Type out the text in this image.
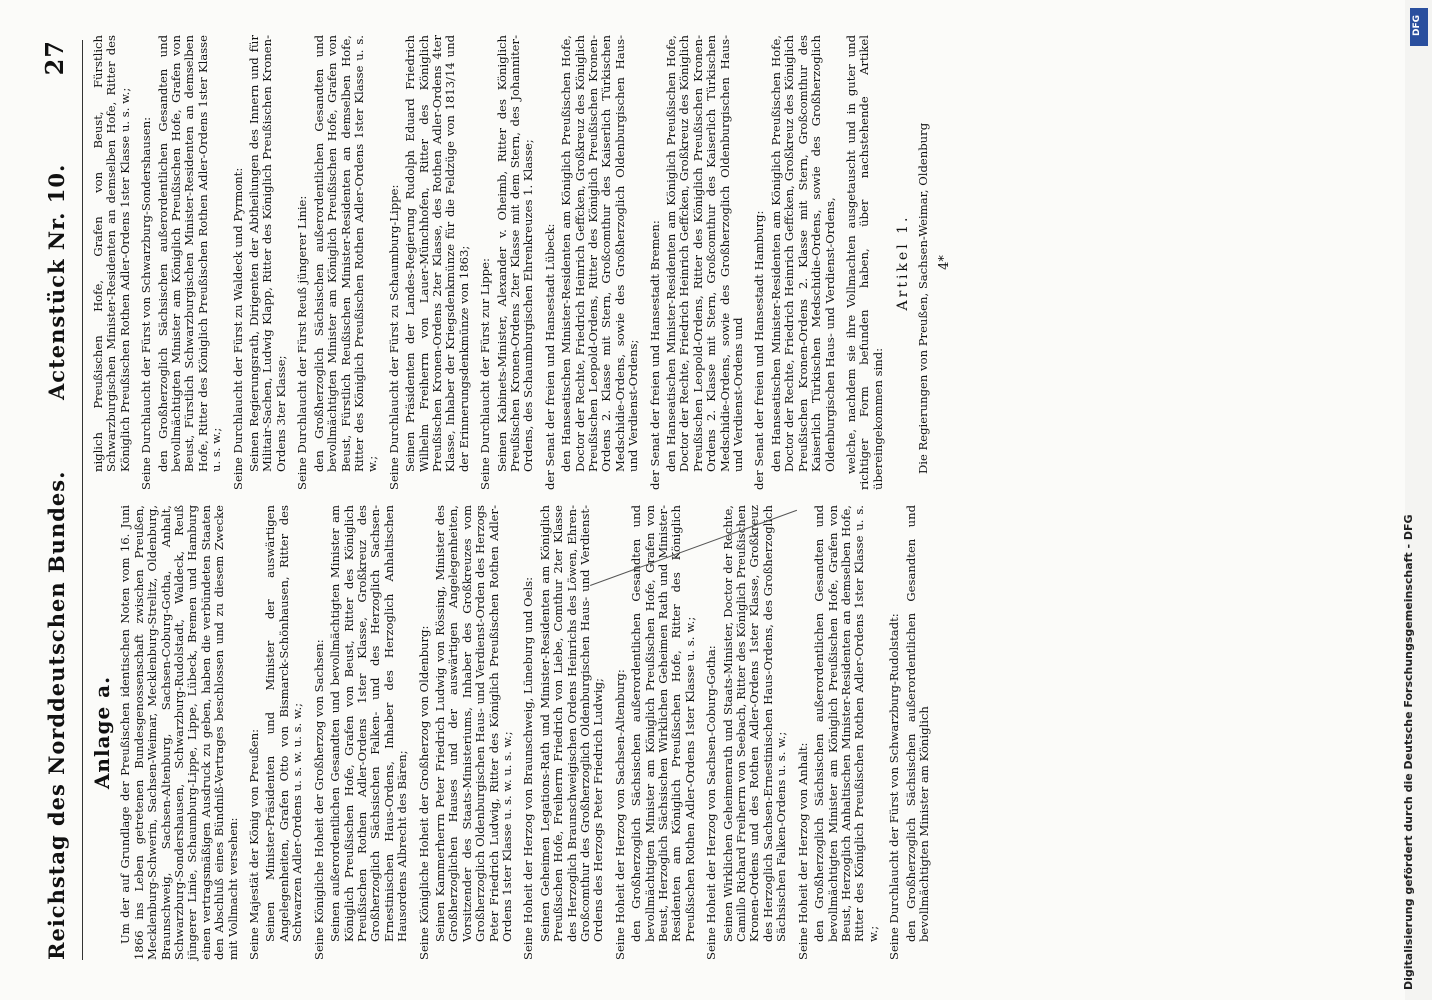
Reichstag des Norddeutschen Bundes.
Actenstück Nr. 10.
27
Anlage a. Um der auf Grundlage der Preußischen identischen Noten vom 16. Juni 1866 ins Leben getretenen Bundesgenossenschaft zwischen Preußen, Mecklenburg-Schwerin, Sachsen-Weimar, Mecklenburg-Strelitz, Oldenburg, Braunschweig, Sachsen-Altenburg, Sachsen-Coburg-Gotha, Anhalt, Schwarzburg-Sondershausen, Schwarzburg-Rudolstadt, Waldeck, Reuß jüngerer Linie, Schaumburg-Lippe, Lippe, Lübeck, Bremen und Hamburg einen vertragsmäßigen Ausdruck zu geben, haben die verbündeten Staaten den Abschluß eines Bündniß-Vertrages beschlossen und zu diesem Zwecke mit Vollmacht versehen: Seine Majestät der König von Preußen: Seinen Minister-Präsidenten und Minister der auswärtigen Angelegenheiten, Grafen Otto von Bismarck-Schönhausen, Ritter des Schwarzen Adler-Ordens u. s. w. u. s. w.; Seine Königliche Hoheit der Großherzog von Sachsen: Seinen außerordentlichen Gesandten und bevollmächtigten Minister am Königlich Preußischen Hofe, Grafen von Beust, Ritter des Königlich Preußischen Rothen Adler-Ordens 1ster Klasse, Großkreuz des Großherzoglich Sächsischen Falken- und des Herzoglich Sachsen-Ernestinischen Haus-Ordens, Inhaber des Herzoglich Anhaltischen Hausordens Albrecht des Bären; Seine Königliche Hoheit der Großherzog von Oldenburg: Seinen Kammerherrn Peter Friedrich Ludwig von Rössing, Minister des Großherzoglichen Hauses und der auswärtigen Angelegenheiten, Vorsitzender des Staats-Ministeriums, Inhaber des Großkreuzes vom Großherzoglich Oldenburgischen Haus- und Verdienst-Orden des Herzogs Peter Friedrich Ludwig, Ritter des Königlich Preußischen Rothen Adler-Ordens 1ster Klasse u. s. w. u. s. w.; Seine Hoheit der Herzog von Braunschweig, Lüneburg und Oels: Seinen Geheimen Legations-Rath und Minister-Residenten am Königlich Preußischen Hofe, Freiherrn Friedrich von Liebe, Comthur 2ter Klasse des Herzoglich Braunschweigischen Ordens Heinrichs des Löwen, Ehren-Großcomthur des Großherzoglich Oldenburgischen Haus- und Verdienst-Ordens des Herzogs Peter Friedrich Ludwig; Seine Hoheit der Herzog von Sachsen-Altenburg: den Großherzoglich Sächsischen außerordentlichen Gesandten und bevollmächtigten Minister am Königlich Preußischen Hofe, Grafen von Beust, Herzoglich Sächsischen Wirklichen Geheimen Rath und Minister-Residenten am Königlich Preußischen Hofe, Ritter des Königlich Preußischen Rothen Adler-Ordens 1ster Klasse u. s. w.; Seine Hoheit der Herzog von Sachsen-Coburg-Gotha: Seinen Wirklichen Geheimenrath und Staats-Minister, Doctor der Rechte, Camillo Richard Freiherrn von Seebach, Ritter des Königlich Preußischen Kronen-Ordens und des Rothen Adler-Ordens 1ster Klasse, Großkreuz des Herzoglich Sachsen-Ernestinischen Haus-Ordens, des Großherzoglich Sächsischen Falken-Ordens u. s. w.; Seine Hoheit der Herzog von Anhalt: den Großherzoglich Sächsischen außerordentlichen Gesandten und bevollmächtigten Minister am Königlich Preußischen Hofe, Grafen von Beust, Herzoglich Anhaltischen Minister-Residenten an demselben Hofe, Ritter des Königlich Preußischen Rothen Adler-Ordens 1ster Klasse u. s. w.; Seine Durchlaucht der Fürst von Schwarzburg-Rudolstadt: den Großherzoglich Sächsischen außerordentlichen Gesandten und bevollmächtigten Minister am Königlich
niglich Preußischen Hofe, Grafen von Beust, Fürstlich Schwarzburgischen Minister-Residenten an demselben Hofe, Ritter des Königlich Preußischen Rothen Adler-Ordens 1ster Klasse u. s. w.; Seine Durchlaucht der Fürst von Schwarzburg-Sondershausen: den Großherzoglich Sächsischen außerordentlichen Gesandten und bevollmächtigten Minister am Königlich Preußischen Hofe, Grafen von Beust, Fürstlich Schwarzburgischen Minister-Residenten an demselben Hofe, Ritter des Königlich Preußischen Rothen Adler-Ordens 1ster Klasse u. s. w.; Seine Durchlaucht der Fürst zu Waldeck und Pyrmont: Seinen Regierungsrath, Dirigenten der Abtheilungen des Innern und für Militair-Sachen, Ludwig Klapp, Ritter des Königlich Preußischen Kronen-Ordens 3ter Klasse; Seine Durchlaucht der Fürst Reuß jüngerer Linie: den Großherzoglich Sächsischen außerordentlichen Gesandten und bevollmächtigten Minister am Königlich Preußischen Hofe, Grafen von Beust, Fürstlich Reußischen Minister-Residenten an demselben Hofe, Ritter des Königlich Preußischen Rothen Adler-Ordens 1ster Klasse u. s. w.; Seine Durchlaucht der Fürst zu Schaumburg-Lippe: Seinen Präsidenten der Landes-Regierung Rudolph Eduard Friedrich Wilhelm Freiherrn von Lauer-Münchhofen, Ritter des Königlich Preußischen Kronen-Ordens 2ter Klasse, des Rothen Adler-Ordens 4ter Klasse, Inhaber der Kriegsdenkmünze für die Feldzüge von 1813/14 und der Erinnerungsdenkmünze von 1863; Seine Durchlaucht der Fürst zur Lippe: Seinen Kabinets-Minister, Alexander v. Oheimb, Ritter des Königlich Preußischen Kronen-Ordens 2ter Klasse mit dem Stern, des Johanniter-Ordens, des Schaumburgischen Ehrenkreuzes 1. Klasse; der Senat der freien und Hansestadt Lübeck: den Hanseatischen Minister-Residenten am Königlich Preußischen Hofe, Doctor der Rechte, Friedrich Heinrich Geffcken, Großkreuz des Königlich Preußischen Leopold-Ordens, Ritter des Königlich Preußischen Kronen-Ordens 2. Klasse mit Stern, Großcomthur des Kaiserlich Türkischen Medschidie-Ordens, sowie des Großherzoglich Oldenburgischen Haus- und Verdienst-Ordens; der Senat der freien und Hansestadt Bremen: den Hanseatischen Minister-Residenten am Königlich Preußischen Hofe, Doctor der Rechte, Friedrich Heinrich Geffcken, Großkreuz des Königlich Preußischen Leopold-Ordens, Ritter des Königlich Preußischen Kronen-Ordens 2. Klasse mit Stern, Großcomthur des Kaiserlich Türkischen Medschidie-Ordens, sowie des Großherzoglich Oldenburgischen Haus- und Verdienst-Ordens und der Senat der freien und Hansestadt Hamburg: den Hanseatischen Minister-Residenten am Königlich Preußischen Hofe, Doctor der Rechte, Friedrich Heinrich Geffcken, Großkreuz des Königlich Preußischen Kronen-Ordens 2. Klasse mit Stern, Großcomthur des Kaiserlich Türkischen Medschidie-Ordens, sowie des Großherzoglich Oldenburgischen Haus- und Verdienst-Ordens, welche, nachdem sie ihre Vollmachten ausgetauscht und in guter und richtiger Form befunden haben, über nachstehende Artikel übereingekommen sind:
Artikel 1. Die Regierungen von Preußen, Sachsen-Weimar, Oldenburg 4*
DFG
Digitalisierung gefördert durch die Deutsche Forschungsgemeinschaft - DFG
